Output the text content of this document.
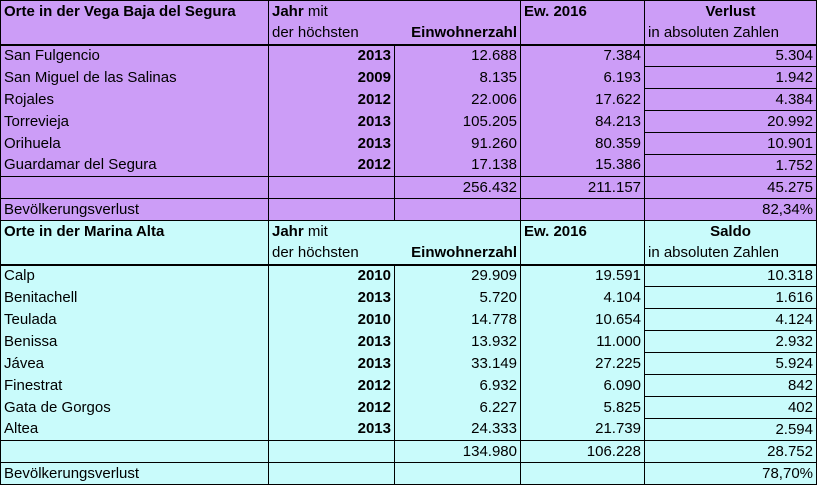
Orte in der Vega Baja del Segura	Jahr mit		Ew. 2016	Verlust
	der höchsten	Einwohnerzahl		in absoluten Zahlen
San Fulgencio	2013	12.688	7.384	5.304
San Miguel de las Salinas	2009	8.135	6.193	1.942
Rojales	2012	22.006	17.622	4.384
Torrevieja	2013	105.205	84.213	20.992
Orihuela	2013	91.260	80.359	10.901
Guardamar del Segura	2012	17.138	15.386	1.752
		256.432	211.157	45.275
Bevölkerungsverlust				82,34%
Orte in der Marina Alta	Jahr mit		Ew. 2016	Saldo
	der höchsten	Einwohnerzahl		in absoluten Zahlen
Calp	2010	29.909	19.591	10.318
Benitachell	2013	5.720	4.104	1.616
Teulada	2010	14.778	10.654	4.124
Benissa	2013	13.932	11.000	2.932
Jávea	2013	33.149	27.225	5.924
Finestrat	2012	6.932	6.090	842
Gata de Gorgos	2012	6.227	5.825	402
Altea	2013	24.333	21.739	2.594
		134.980	106.228	28.752
Bevölkerungsverlust				78,70%
